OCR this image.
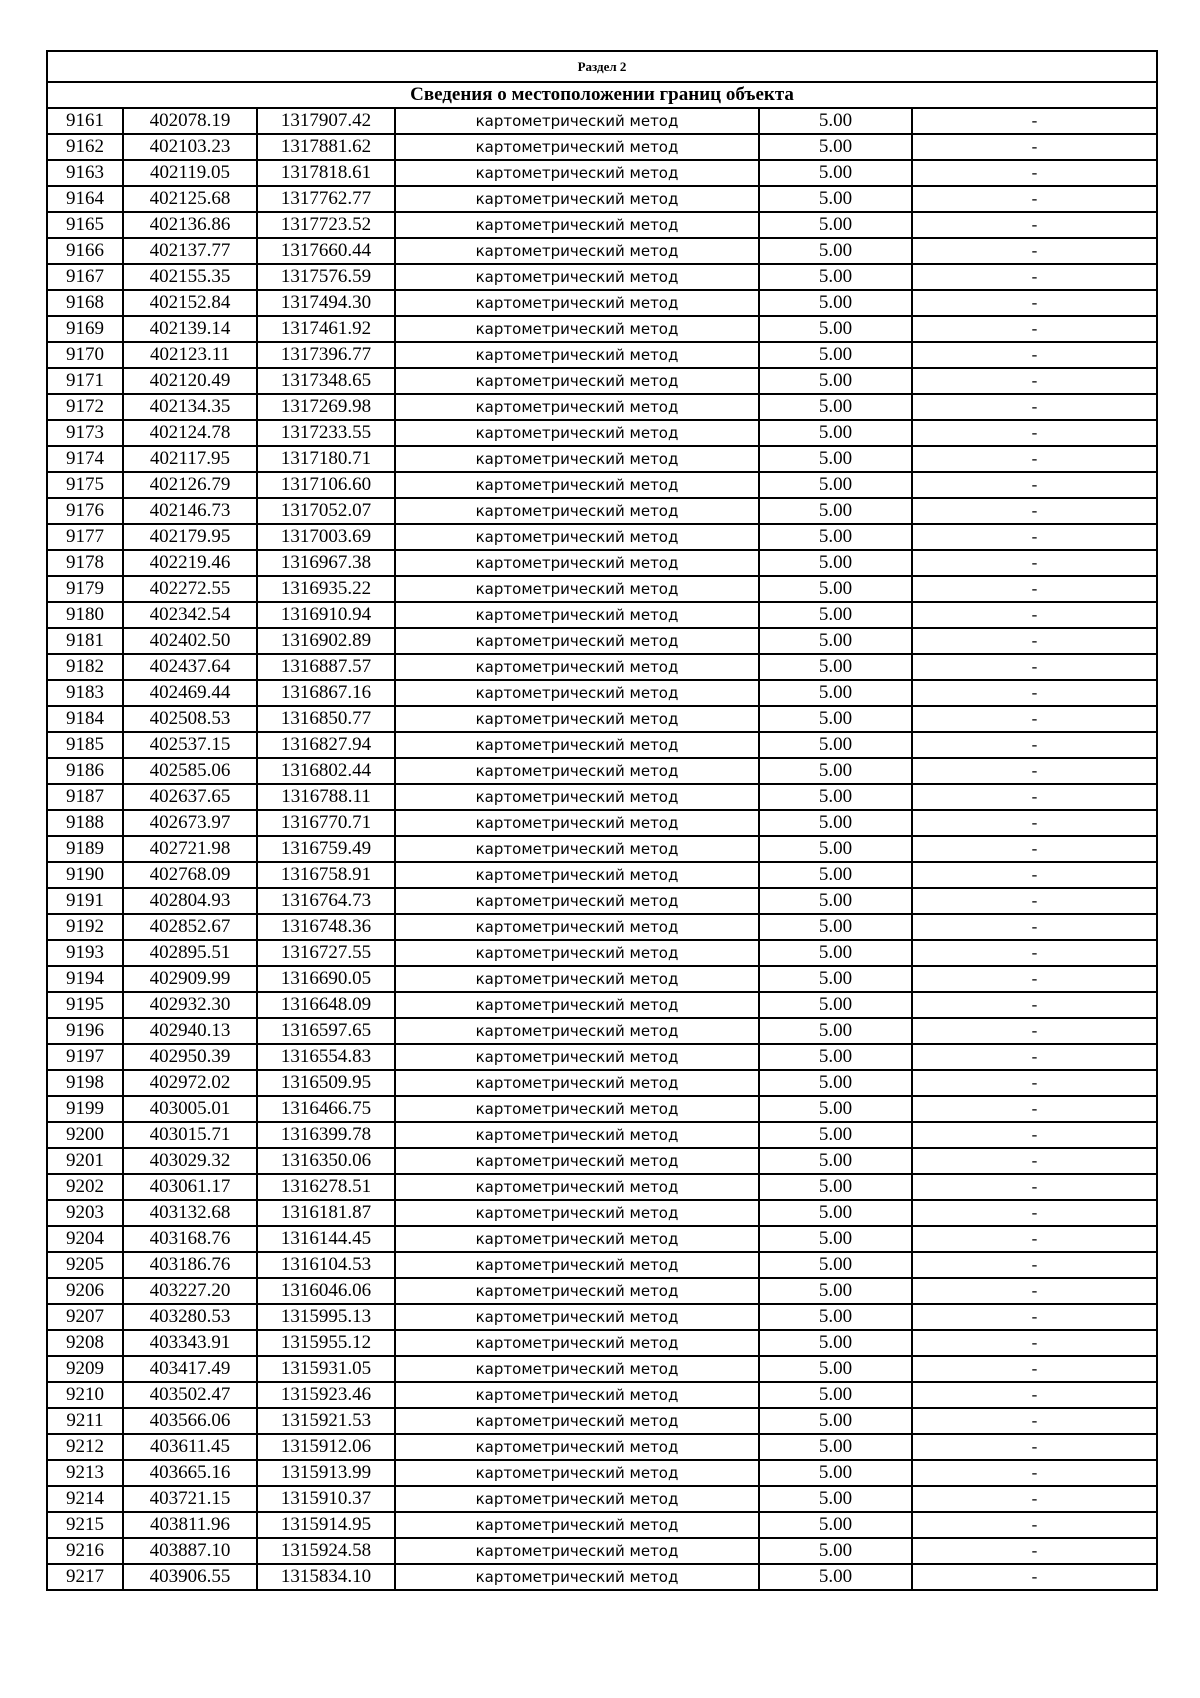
Раздел 2					
Сведения о местоположении границ объекта					
9161	402078.19	1317907.42	картометрический метод	5.00	-
9162	402103.23	1317881.62	картометрический метод	5.00	-
9163	402119.05	1317818.61	картометрический метод	5.00	-
9164	402125.68	1317762.77	картометрический метод	5.00	-
9165	402136.86	1317723.52	картометрический метод	5.00	-
9166	402137.77	1317660.44	картометрический метод	5.00	-
9167	402155.35	1317576.59	картометрический метод	5.00	-
9168	402152.84	1317494.30	картометрический метод	5.00	-
9169	402139.14	1317461.92	картометрический метод	5.00	-
9170	402123.11	1317396.77	картометрический метод	5.00	-
9171	402120.49	1317348.65	картометрический метод	5.00	-
9172	402134.35	1317269.98	картометрический метод	5.00	-
9173	402124.78	1317233.55	картометрический метод	5.00	-
9174	402117.95	1317180.71	картометрический метод	5.00	-
9175	402126.79	1317106.60	картометрический метод	5.00	-
9176	402146.73	1317052.07	картометрический метод	5.00	-
9177	402179.95	1317003.69	картометрический метод	5.00	-
9178	402219.46	1316967.38	картометрический метод	5.00	-
9179	402272.55	1316935.22	картометрический метод	5.00	-
9180	402342.54	1316910.94	картометрический метод	5.00	-
9181	402402.50	1316902.89	картометрический метод	5.00	-
9182	402437.64	1316887.57	картометрический метод	5.00	-
9183	402469.44	1316867.16	картометрический метод	5.00	-
9184	402508.53	1316850.77	картометрический метод	5.00	-
9185	402537.15	1316827.94	картометрический метод	5.00	-
9186	402585.06	1316802.44	картометрический метод	5.00	-
9187	402637.65	1316788.11	картометрический метод	5.00	-
9188	402673.97	1316770.71	картометрический метод	5.00	-
9189	402721.98	1316759.49	картометрический метод	5.00	-
9190	402768.09	1316758.91	картометрический метод	5.00	-
9191	402804.93	1316764.73	картометрический метод	5.00	-
9192	402852.67	1316748.36	картометрический метод	5.00	-
9193	402895.51	1316727.55	картометрический метод	5.00	-
9194	402909.99	1316690.05	картометрический метод	5.00	-
9195	402932.30	1316648.09	картометрический метод	5.00	-
9196	402940.13	1316597.65	картометрический метод	5.00	-
9197	402950.39	1316554.83	картометрический метод	5.00	-
9198	402972.02	1316509.95	картометрический метод	5.00	-
9199	403005.01	1316466.75	картометрический метод	5.00	-
9200	403015.71	1316399.78	картометрический метод	5.00	-
9201	403029.32	1316350.06	картометрический метод	5.00	-
9202	403061.17	1316278.51	картометрический метод	5.00	-
9203	403132.68	1316181.87	картометрический метод	5.00	-
9204	403168.76	1316144.45	картометрический метод	5.00	-
9205	403186.76	1316104.53	картометрический метод	5.00	-
9206	403227.20	1316046.06	картометрический метод	5.00	-
9207	403280.53	1315995.13	картометрический метод	5.00	-
9208	403343.91	1315955.12	картометрический метод	5.00	-
9209	403417.49	1315931.05	картометрический метод	5.00	-
9210	403502.47	1315923.46	картометрический метод	5.00	-
9211	403566.06	1315921.53	картометрический метод	5.00	-
9212	403611.45	1315912.06	картометрический метод	5.00	-
9213	403665.16	1315913.99	картометрический метод	5.00	-
9214	403721.15	1315910.37	картометрический метод	5.00	-
9215	403811.96	1315914.95	картометрический метод	5.00	-
9216	403887.10	1315924.58	картометрический метод	5.00	-
9217	403906.55	1315834.10	картометрический метод	5.00	-
